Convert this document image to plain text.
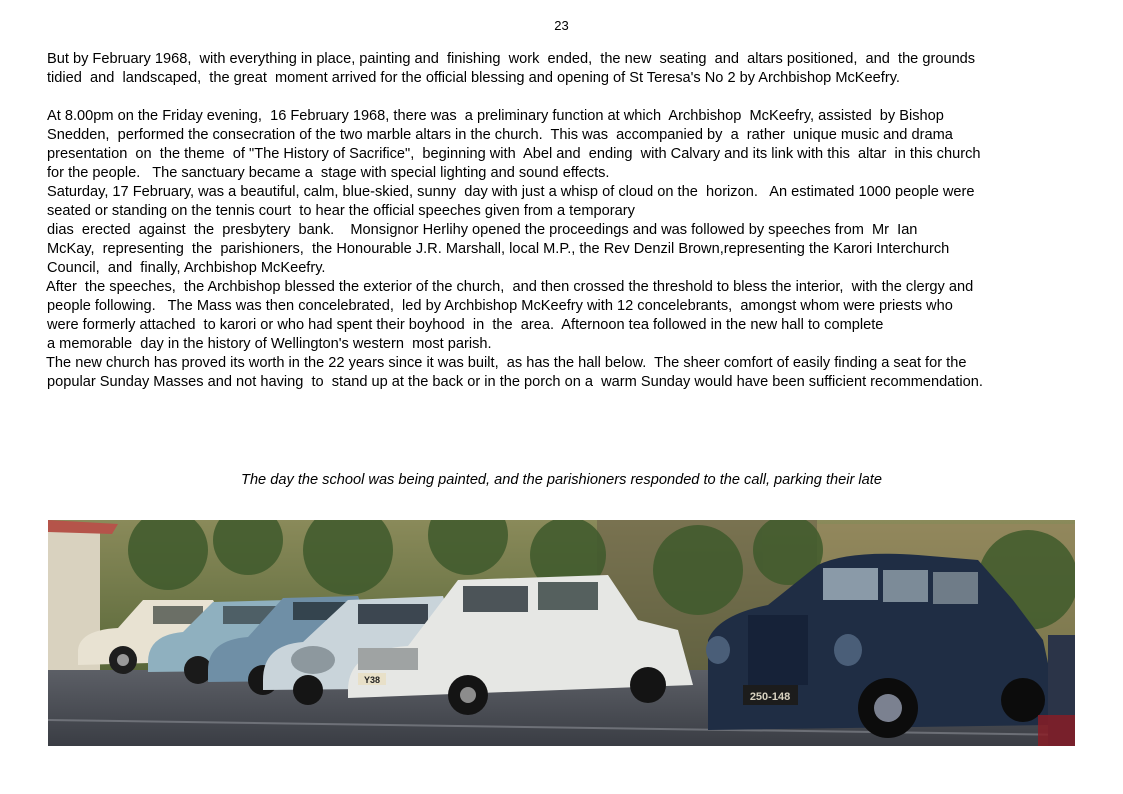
23

But by February 1968,  with everything in place, painting and  finishing  work  ended,  the new  seating  and  altars positioned,  and  the grounds

tidied  and  landscaped,  the great  moment arrived for the official blessing and opening of St Teresa's No 2 by Archbishop McKeefry.

At 8.00pm on the Friday evening,  16 February 1968, there was  a preliminary function at which  Archbishop  McKeefry, assisted  by Bishop

Snedden,  performed the consecration of the two marble altars in the church.  This was  accompanied by  a  rather  unique music and drama

presentation  on  the theme  of "The History of Sacrifice",  beginning with  Abel and  ending  with Calvary and its link with this  altar  in this church

for the people.   The sanctuary became a  stage with special lighting and sound effects.

Saturday, 17 February, was a beautiful, calm, blue-skied, sunny  day with just a whisp of cloud on the  horizon.   An estimated 1000 people were

seated or standing on the tennis court  to hear the official speeches given from a temporary

dias  erected  against  the  presbytery  bank.    Monsignor Herlihy opened the proceedings and was followed by speeches from  Mr  Ian

McKay,  representing  the  parishioners,  the Honourable J.R. Marshall, local M.P., the Rev Denzil Brown,representing the Karori Interchurch

Council,  and  finally, Archbishop McKeefry.

After  the speeches,  the Archbishop blessed the exterior of the church,  and then crossed the threshold to bless the interior,  with the clergy and

people following.   The Mass was then concelebrated,  led by Archbishop McKeefry with 12 concelebrants,  amongst whom were priests who

were formerly attached  to karori or who had spent their boyhood  in  the  area.  Afternoon tea followed in the new hall to complete

a memorable  day in the history of Wellington's western  most parish.

The new church has proved its worth in the 22 years since it was built,  as has the hall below.  The sheer comfort of easily finding a seat for the

popular Sunday Masses and not having  to  stand up at the back or in the porch on a  warm Sunday would have been sufficient recommendation.

The day the school was being painted, and the parishioners responded to the call, parking their late
Y38
250-148
